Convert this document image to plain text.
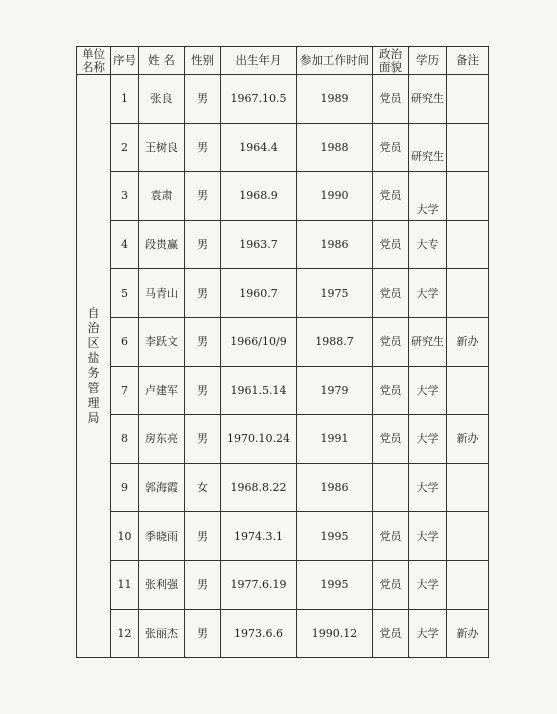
单位名称	序号	姓 名	性别	出生年月	参加工作时间	政治面貌	学历	备注
自治区盐务管理局	1	张良	男	1967.10.5	1989	党员	研究生	
	2	王树良	男	1964.4	1988	党员	研究生	
	3	袁肃	男	1968.9	1990	党员	大学	
	4	段贵赢	男	1963.7	1986	党员	大专	
	5	马青山	男	1960.7	1975	党员	大学	
	6	李跃文	男	1966/10/9	1988.7	党员	研究生	新办
	7	卢建军	男	1961.5.14	1979	党员	大学	
	8	房东亮	男	1970.10.24	1991	党员	大学	新办
	9	郭海霞	女	1968.8.22	1986		大学	
	10	季晓雨	男	1974.3.1	1995	党员	大学	
	11	张利强	男	1977.6.19	1995	党员	大学	
	12	张丽杰	男	1973.6.6	1990.12	党员	大学	新办
